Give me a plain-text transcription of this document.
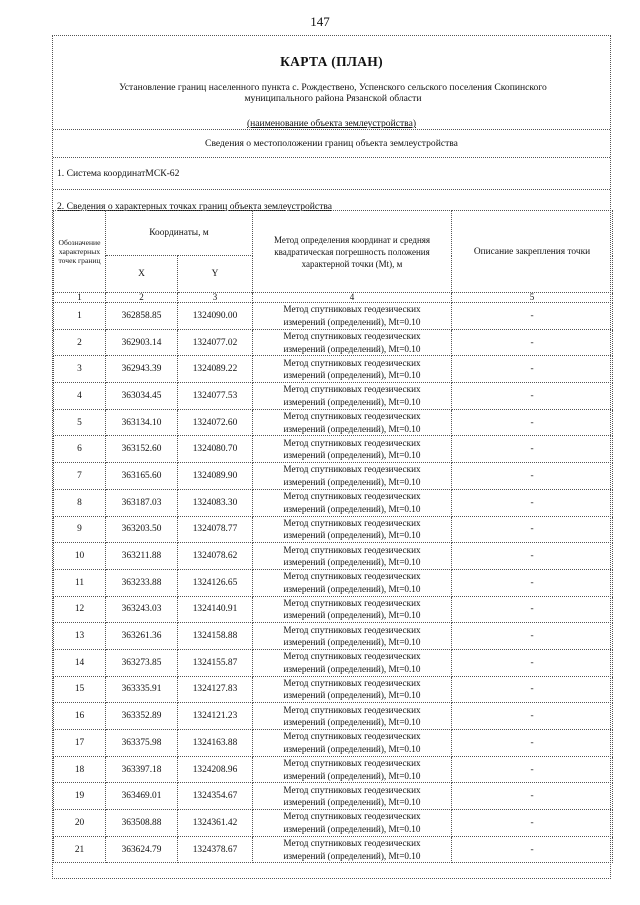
147
КАРТА (ПЛАН)
Установление границ населенного пункта с. Рождествено, Успенского сельского поселения Скопинского
муниципального района Рязанской области
(наименование объекта землеустройства)
Сведения о местоположении границ объекта землеустройства
1. Система координатМСК-62
2. Сведения о характерных точках границ объекта землеустройства
Обозначение характерных точек границ	Координаты, м		Метод определения координат и средняя квадратическая погрешность положения характерной точки (Mt), м	Описание закрепления точки
	X	Y		
1	2	3	4	5
1	362858.85	1324090.00	Метод спутниковых геодезических
измерений (определений), Mt=0.10	-
2	362903.14	1324077.02	Метод спутниковых геодезических
измерений (определений), Mt=0.10	-
3	362943.39	1324089.22	Метод спутниковых геодезических
измерений (определений), Mt=0.10	-
4	363034.45	1324077.53	Метод спутниковых геодезических
измерений (определений), Mt=0.10	-
5	363134.10	1324072.60	Метод спутниковых геодезических
измерений (определений), Mt=0.10	-
6	363152.60	1324080.70	Метод спутниковых геодезических
измерений (определений), Mt=0.10	-
7	363165.60	1324089.90	Метод спутниковых геодезических
измерений (определений), Mt=0.10	-
8	363187.03	1324083.30	Метод спутниковых геодезических
измерений (определений), Mt=0.10	-
9	363203.50	1324078.77	Метод спутниковых геодезических
измерений (определений), Mt=0.10	-
10	363211.88	1324078.62	Метод спутниковых геодезических
измерений (определений), Mt=0.10	-
11	363233.88	1324126.65	Метод спутниковых геодезических
измерений (определений), Mt=0.10	-
12	363243.03	1324140.91	Метод спутниковых геодезических
измерений (определений), Mt=0.10	-
13	363261.36	1324158.88	Метод спутниковых геодезических
измерений (определений), Mt=0.10	-
14	363273.85	1324155.87	Метод спутниковых геодезических
измерений (определений), Mt=0.10	-
15	363335.91	1324127.83	Метод спутниковых геодезических
измерений (определений), Mt=0.10	-
16	363352.89	1324121.23	Метод спутниковых геодезических
измерений (определений), Mt=0.10	-
17	363375.98	1324163.88	Метод спутниковых геодезических
измерений (определений), Mt=0.10	-
18	363397.18	1324208.96	Метод спутниковых геодезических
измерений (определений), Mt=0.10	-
19	363469.01	1324354.67	Метод спутниковых геодезических
измерений (определений), Mt=0.10	-
20	363508.88	1324361.42	Метод спутниковых геодезических
измерений (определений), Mt=0.10	-
21	363624.79	1324378.67	Метод спутниковых геодезических
измерений (определений), Mt=0.10	-
